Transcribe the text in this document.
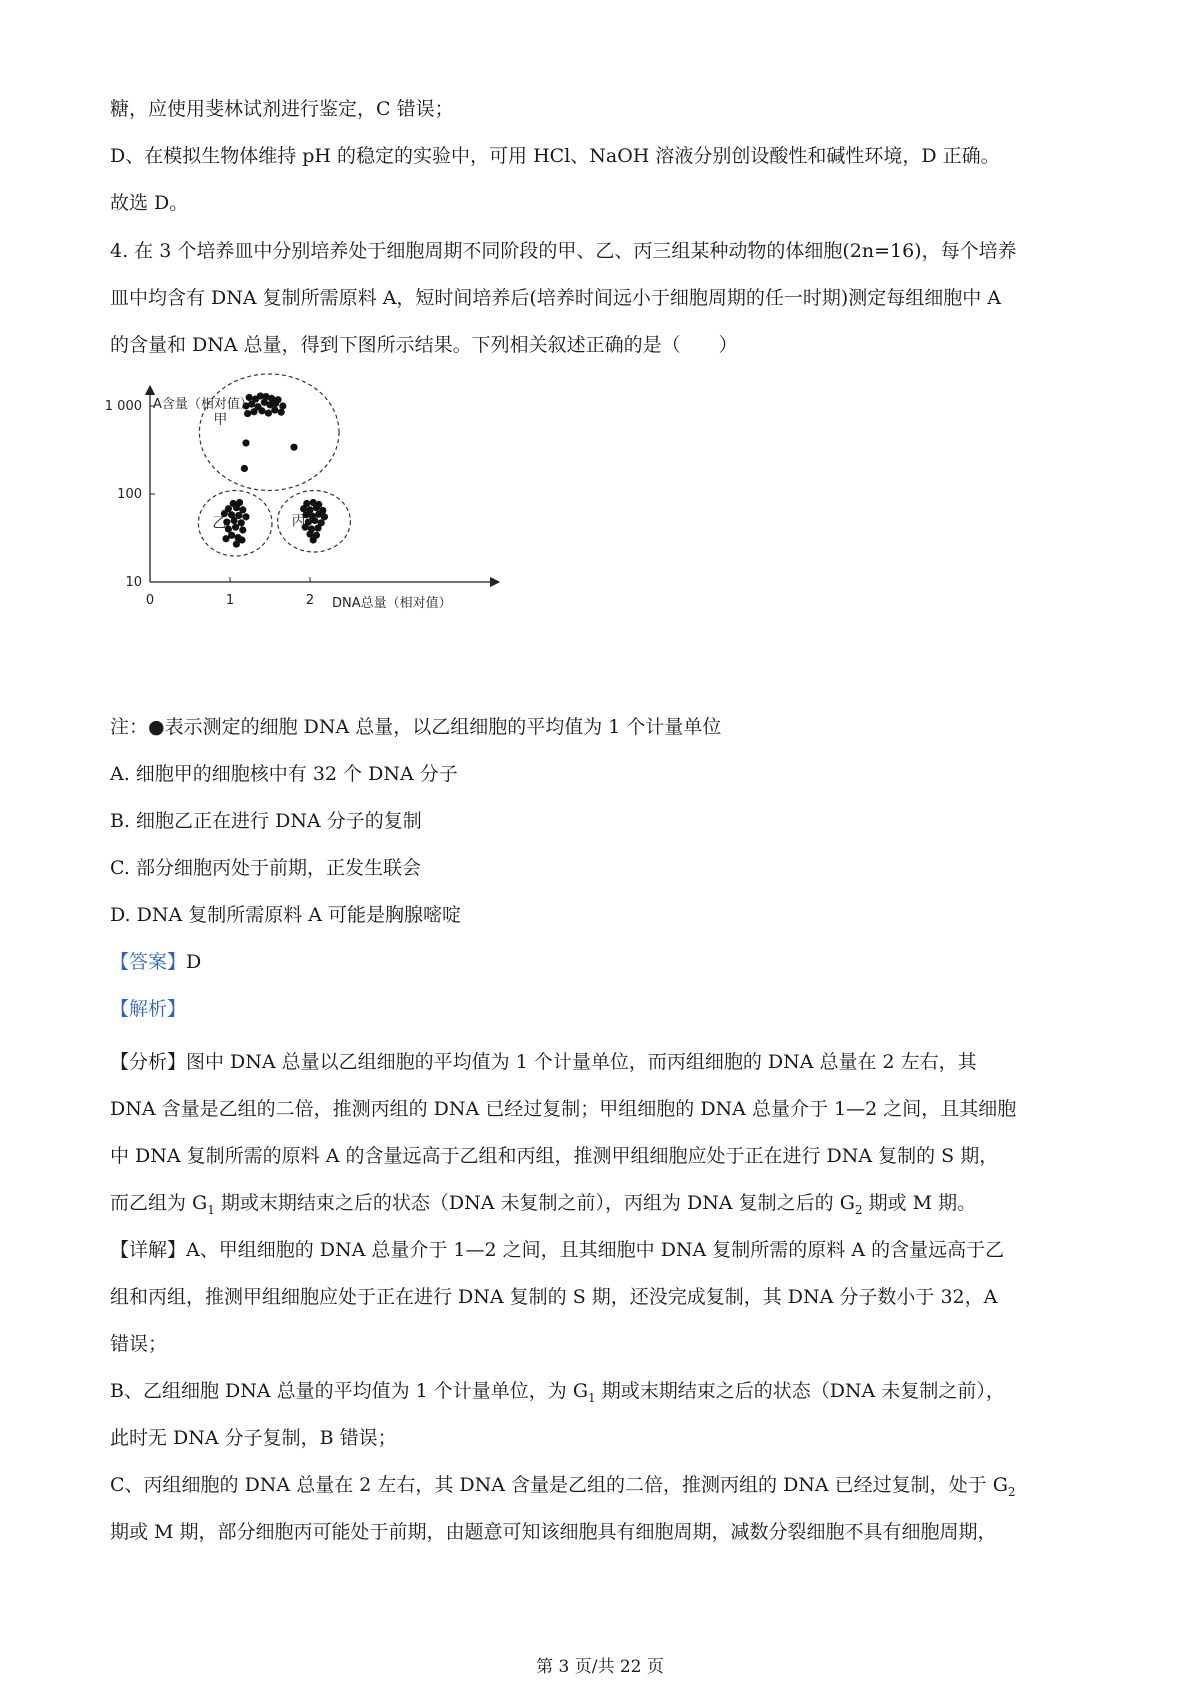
糖，应使用斐林试剂进行鉴定，C 错误；
D、在模拟生物体维持 pH 的稳定的实验中，可用 HCl、NaOH 溶液分别创设酸性和碱性环境，D 正确。
故选 D。

4. 在 3 个培养皿中分别培养处于细胞周期不同阶段的甲、乙、丙三组某种动物的体细胞(2n=16)，每个培养
皿中均含有 DNA 复制所需原料 A，短时间培养后(培养时间远小于细胞周期的任一时期)测定每组细胞中 A
的含量和 DNA 总量，得到下图所示结果。下列相关叙述正确的是（　　）

A含量（相对值）
DNA总量（相对值）
10
100
1 000
0	1	2
甲
乙	丙

注：●表示测定的细胞 DNA 总量，以乙组细胞的平均值为 1 个计量单位
A. 细胞甲的细胞核中有 32 个 DNA 分子
B. 细胞乙正在进行 DNA 分子的复制
C. 部分细胞丙处于前期，正发生联会
D. DNA 复制所需原料 A 可能是胸腺嘧啶
【答案】D
【解析】

【分析】图中 DNA 总量以乙组细胞的平均值为 1 个计量单位，而丙组细胞的 DNA 总量在 2 左右，其
DNA 含量是乙组的二倍，推测丙组的 DNA 已经过复制；甲组细胞的 DNA 总量介于 1—2 之间，且其细胞
中 DNA 复制所需的原料 A 的含量远高于乙组和丙组，推测甲组细胞应处于正在进行 DNA 复制的 S 期，
而乙组为 $G_1$ 期或末期结束之后的状态（DNA 未复制之前），丙组为 DNA 复制之后的 $G_2$ 期或 M 期。

【详解】A、甲组细胞的 DNA 总量介于 1—2 之间，且其细胞中 DNA 复制所需的原料 A 的含量远高于乙
组和丙组，推测甲组细胞应处于正在进行 DNA 复制的 S 期，还没完成复制，其 DNA 分子数小于 32，A
错误；
B、乙组细胞 DNA 总量的平均值为 1 个计量单位，为 $G_1$ 期或末期结束之后的状态（DNA 未复制之前），
此时无 DNA 分子复制，B 错误；
C、丙组细胞的 DNA 总量在 2 左右，其 DNA 含量是乙组的二倍，推测丙组的 DNA 已经过复制，处于 $G_2$
期或 M 期，部分细胞丙可能处于前期，由题意可知该细胞具有细胞周期，减数分裂细胞不具有细胞周期，

第 3 页/共 22 页
